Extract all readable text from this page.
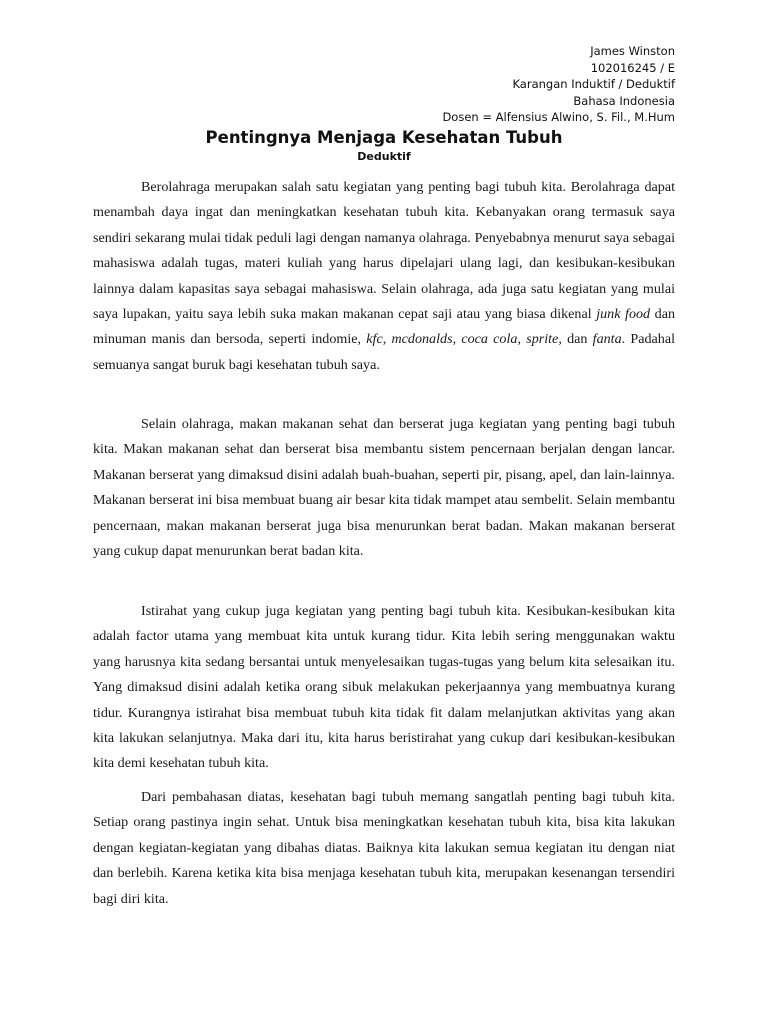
James Winston
102016245 / E
Karangan Induktif / Deduktif
Bahasa Indonesia
Dosen = Alfensius Alwino, S. Fil., M.Hum
Pentingnya Menjaga Kesehatan Tubuh
Deduktif

Berolahraga merupakan salah satu kegiatan yang penting bagi tubuh kita. Berolahraga dapat menambah daya ingat dan meningkatkan kesehatan tubuh kita. Kebanyakan orang termasuk saya sendiri sekarang mulai tidak peduli lagi dengan namanya olahraga. Penyebabnya menurut saya sebagai mahasiswa adalah tugas, materi kuliah yang harus dipelajari ulang lagi, dan kesibukan-kesibukan lainnya dalam kapasitas saya sebagai mahasiswa. Selain olahraga, ada juga satu kegiatan yang mulai saya lupakan, yaitu saya lebih suka makan makanan cepat saji atau yang biasa dikenal junk food dan minuman manis dan bersoda, seperti indomie, kfc, mcdonalds, coca cola, sprite, dan fanta. Padahal semuanya sangat buruk bagi kesehatan tubuh saya.

Selain olahraga, makan makanan sehat dan berserat juga kegiatan yang penting bagi tubuh kita. Makan makanan sehat dan berserat bisa membantu sistem pencernaan berjalan dengan lancar. Makanan berserat yang dimaksud disini adalah buah-buahan, seperti pir, pisang, apel, dan lain-lainnya. Makanan berserat ini bisa membuat buang air besar kita tidak mampet atau sembelit. Selain membantu pencernaan, makan makanan berserat juga bisa menurunkan berat badan. Makan makanan berserat yang cukup dapat menurunkan berat badan kita.

Istirahat yang cukup juga kegiatan yang penting bagi tubuh kita. Kesibukan-kesibukan kita adalah factor utama yang membuat kita untuk kurang tidur. Kita lebih sering menggunakan waktu yang harusnya kita sedang bersantai untuk menyelesaikan tugas-tugas yang belum kita selesaikan itu. Yang dimaksud disini adalah ketika orang sibuk melakukan pekerjaannya yang membuatnya kurang tidur. Kurangnya istirahat bisa membuat tubuh kita tidak fit dalam melanjutkan aktivitas yang akan kita lakukan selanjutnya. Maka dari itu, kita harus beristirahat yang cukup dari kesibukan-kesibukan kita demi kesehatan tubuh kita.

Dari pembahasan diatas, kesehatan bagi tubuh memang sangatlah penting bagi tubuh kita. Setiap orang pastinya ingin sehat. Untuk bisa meningkatkan kesehatan tubuh kita, bisa kita lakukan dengan kegiatan-kegiatan yang dibahas diatas. Baiknya kita lakukan semua kegiatan itu dengan niat dan berlebih. Karena ketika kita bisa menjaga kesehatan tubuh kita, merupakan kesenangan tersendiri bagi diri kita.
